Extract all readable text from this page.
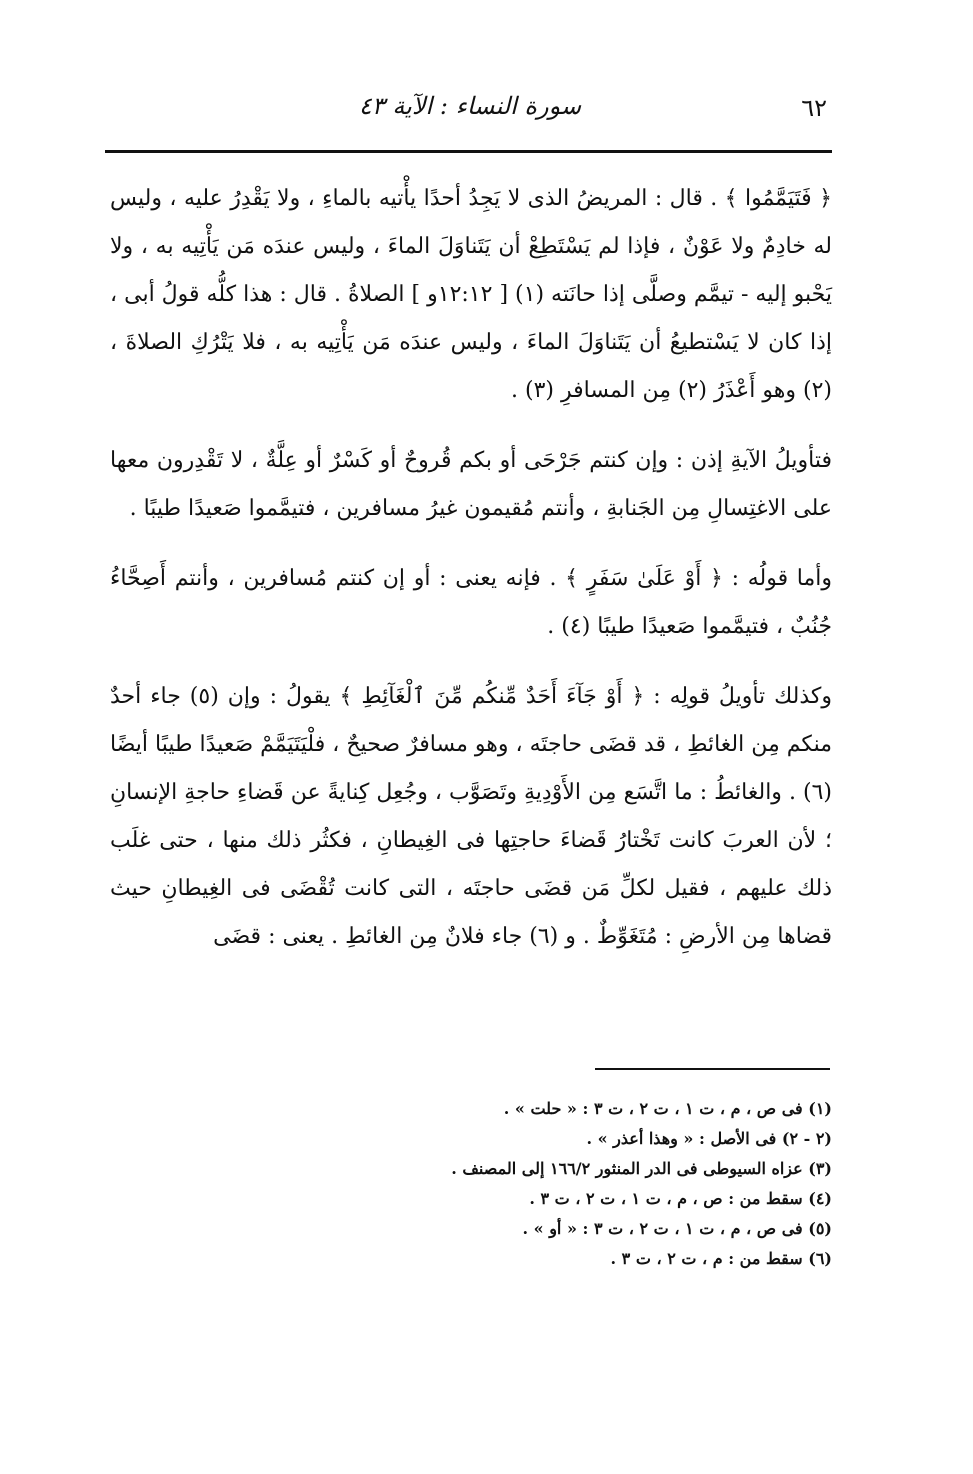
٦٢
سورة النساء : الآية ٤٣

﴿ فَتَيَمَّمُوا ﴾ . قال : المريضُ الذى لا يَجِدُ أحدًا يأْتيه بالماءِ ، ولا يَقْدِرُ عليه ، وليس له خادِمٌ ولا عَوْنٌ ، فإذا لم يَسْتَطِعْ أن يَتَناوَلَ الماءَ ، وليس عندَه مَن يَأْتِيه به ، ولا يَحْبو إليه - تيمَّم وصلَّى إذا حانَته (١) [ ١٢:١٢و ] الصلاةُ . قال : هذا كلُّه قولُ أبى ، إذا كان لا يَسْتطيعُ أن يَتَناوَلَ الماءَ ، وليس عندَه مَن يَأْتِيه به ، فلا يَتْرُكِ الصلاةَ ، (٢) وهو أَعْذَرُ (٢) مِن المسافرِ (٣) .

فتأويلُ الآيةِ إذن : وإن كنتم جَرْحَى أو بكم قُروحٌ أو كَسْرٌ أو عِلَّةٌ ، لا تَقْدِرون معها على الاغتِسالِ مِن الجَنابةِ ، وأنتم مُقيمون غيرُ مسافرين ، فتيمَّموا صَعيدًا طيبًا .

وأما قولُه : ﴿ أَوْ عَلَىٰ سَفَرٍ ﴾ . فإنه يعنى : أو إن كنتم مُسافرين ، وأنتم أَصِحَّاءُ جُنُبٌ ، فتيمَّموا صَعيدًا طيبًا (٤) .

وكذلك تأويلُ قولِه : ﴿ أَوْ جَآءَ أَحَدٌ مِّنكُم مِّنَ ٱلْغَآئِطِ ﴾ يقولُ : وإن (٥) جاء أحدٌ منكم مِن الغائطِ ، قد قضَى حاجتَه ، وهو مسافرٌ صحيحٌ ، فلْيَتَيَمَّمْ صَعيدًا طيبًا أيضًا (٦) . والغائطُ : ما اتَّسَع مِن الأَوْدِيةِ وتَصَوَّب ، وجُعِل كِنايةً عن قَضاءِ حاجةِ الإنسانِ ؛ لأن العربَ كانت تَخْتارُ قَضاءَ حاجتِها فى الغِيطانِ ، فكثُر ذلك منها ، حتى غلَب ذلك عليهم ، فقيل لكلِّ مَن قضَى حاجتَه ، التى كانت تُقْضَى فى الغِيطانِ حيث قضاها مِن الأرضِ : مُتَغَوِّطٌ . و (٦) جاء فلانٌ مِن الغائطِ . يعنى : قضَى

(١) فى ص ، م ، ت ١ ، ت ٢ ، ت ٣ : « حلت » .

(٢ - ٢) فى الأصل : « وهذا أعذر » .

(٣) عزاه السيوطى فى الدر المنثور ١٦٦/٢ إلى المصنف .

(٤) سقط من : ص ، م ، ت ١ ، ت ٢ ، ت ٣ .

(٥) فى ص ، م ، ت ١ ، ت ٢ ، ت ٣ : « أو » .

(٦) سقط من : م ، ت ٢ ، ت ٣ .
